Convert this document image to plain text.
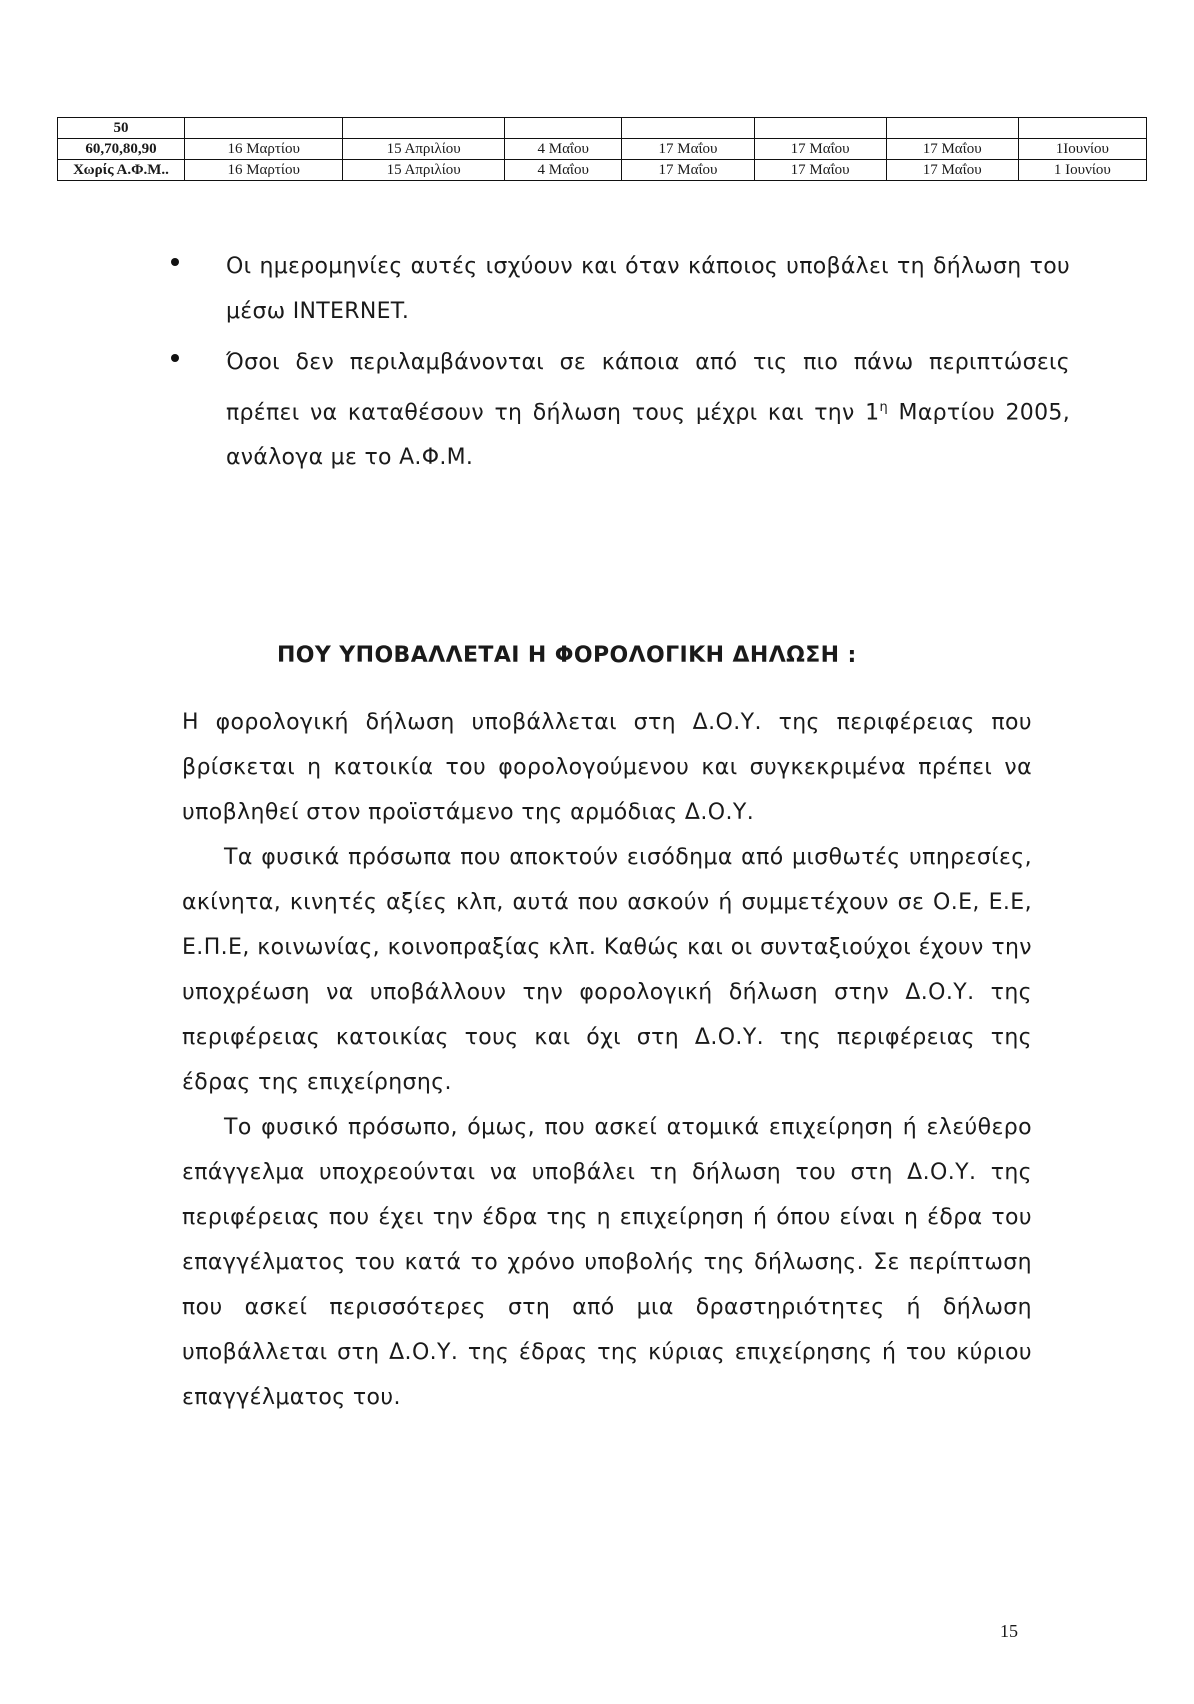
50							
60,70,80,90	16 Μαρτίου	15 Απριλίου	4 Μαΐου	17 Μαΐου	17 Μαΐου	17 Μαΐου	1Ιουνίου
Χωρίς Α.Φ.Μ..	16 Μαρτίου	15 Απριλίου	4 Μαΐου	17 Μαΐου	17 Μαΐου	17 Μαΐου	1 Ιουνίου
Οι ημερομηνίες αυτές ισχύουν και όταν κάποιος υποβάλει τη δήλωση του μέσω INTERNET.
Όσοι δεν περιλαμβάνονται σε κάποια από τις πιο πάνω περιπτώσεις πρέπει να καταθέσουν τη δήλωση τους μέχρι και την $1^\eta$ Μαρτίου 2005, ανάλογα με το Α.Φ.Μ.
ΠΟΥ ΥΠΟΒΑΛΛΕΤΑΙ Η ΦΟΡΟΛΟΓΙΚΗ ΔΗΛΩΣΗ :
Η φορολογική δήλωση υποβάλλεται στη Δ.Ο.Υ. της περιφέρειας που βρίσκεται η κατοικία του φορολογούμενου και συγκεκριμένα πρέπει να υποβληθεί στον προϊστάμενο της αρμόδιας Δ.Ο.Υ.
Τα φυσικά πρόσωπα που αποκτούν εισόδημα από μισθωτές υπηρεσίες, ακίνητα, κινητές αξίες κλπ, αυτά που ασκούν ή συμμετέχουν σε Ο.Ε, Ε.Ε, Ε.Π.Ε, κοινωνίας, κοινοπραξίας κλπ. Καθώς και οι συνταξιούχοι έχουν την υποχρέωση να υποβάλλουν την φορολογική δήλωση στην Δ.Ο.Υ. της περιφέρειας κατοικίας τους και όχι στη Δ.Ο.Υ. της περιφέρειας της έδρας της επιχείρησης.
Το φυσικό πρόσωπο, όμως, που ασκεί ατομικά επιχείρηση ή ελεύθερο επάγγελμα υποχρεούνται να υποβάλει τη δήλωση του στη Δ.Ο.Υ. της περιφέρειας που έχει την έδρα της η επιχείρηση ή όπου είναι η έδρα του επαγγέλματος του κατά το χρόνο υποβολής της δήλωσης. Σε περίπτωση που ασκεί περισσότερες στη από μια δραστηριότητες ή δήλωση υποβάλλεται στη Δ.Ο.Υ. της έδρας της κύριας επιχείρησης ή του κύριου επαγγέλματος του.
15
